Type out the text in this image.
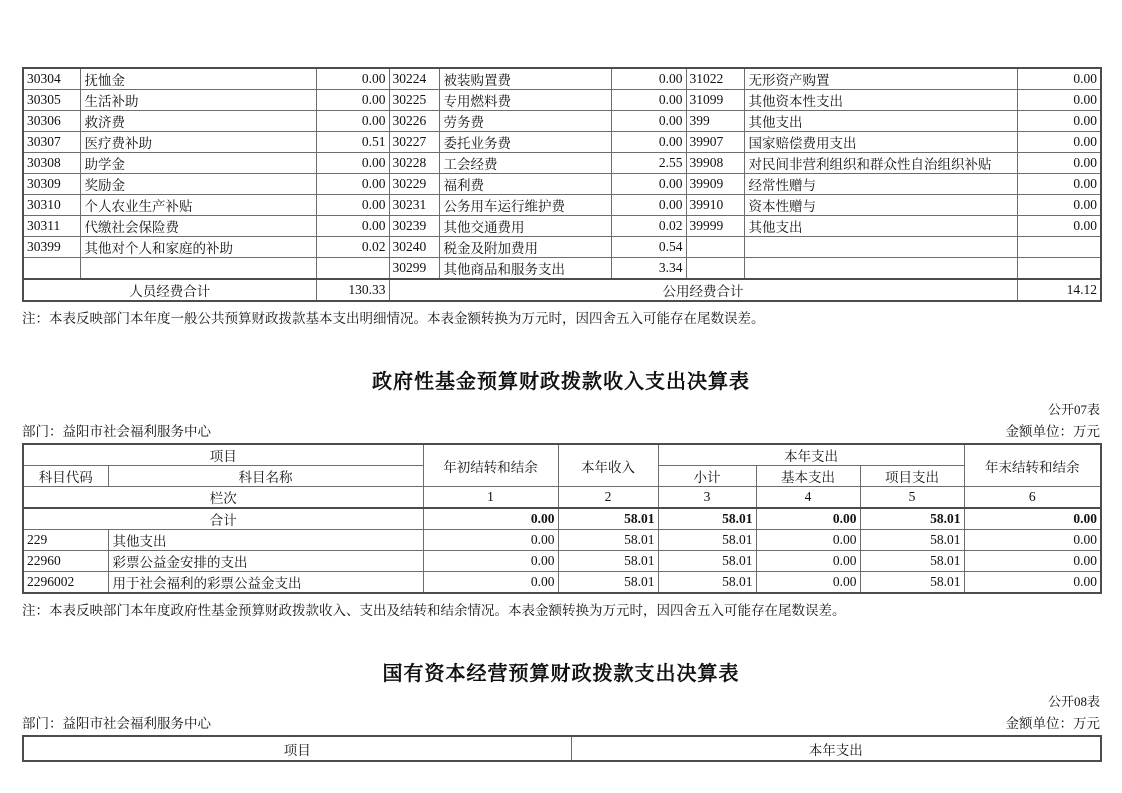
30304	抚恤金	0.00	30224	被装购置费	0.00	31022	无形资产购置	0.00
30305	生活补助	0.00	30225	专用燃料费	0.00	31099	其他资本性支出	0.00
30306	救济费	0.00	30226	劳务费	0.00	399	其他支出	0.00
30307	医疗费补助	0.51	30227	委托业务费	0.00	39907	国家赔偿费用支出	0.00
30308	助学金	0.00	30228	工会经费	2.55	39908	对民间非营利组织和群众性自治组织补贴	0.00
30309	奖励金	0.00	30229	福利费	0.00	39909	经常性赠与	0.00
30310	个人农业生产补贴	0.00	30231	公务用车运行维护费	0.00	39910	资本性赠与	0.00
30311	代缴社会保险费	0.00	30239	其他交通费用	0.02	39999	其他支出	0.00
30399	其他对个人和家庭的补助	0.02	30240	税金及附加费用	0.54			
			30299	其他商品和服务支出	3.34			
人员经费合计		130.33	公用经费合计					14.12
注：本表反映部门本年度一般公共预算财政拨款基本支出明细情况。本表金额转换为万元时，因四舍五入可能存在尾数误差。
政府性基金预算财政拨款收入支出决算表
公开07表
部门：益阳市社会福利服务中心	金额单位：万元
项目		年初结转和结余	本年收入	本年支出			年末结转和结余
科目代码	科目名称			小计	基本支出	项目支出	
栏次		1	2	3	4	5	6
合计		0.00	58.01	58.01	0.00	58.01	0.00
229	其他支出	0.00	58.01	58.01	0.00	58.01	0.00
22960	彩票公益金安排的支出	0.00	58.01	58.01	0.00	58.01	0.00
2296002	用于社会福利的彩票公益金支出	0.00	58.01	58.01	0.00	58.01	0.00
注：本表反映部门本年度政府性基金预算财政拨款收入、支出及结转和结余情况。本表金额转换为万元时，因四舍五入可能存在尾数误差。
国有资本经营预算财政拨款支出决算表
公开08表
部门：益阳市社会福利服务中心	金额单位：万元
项目	本年支出
